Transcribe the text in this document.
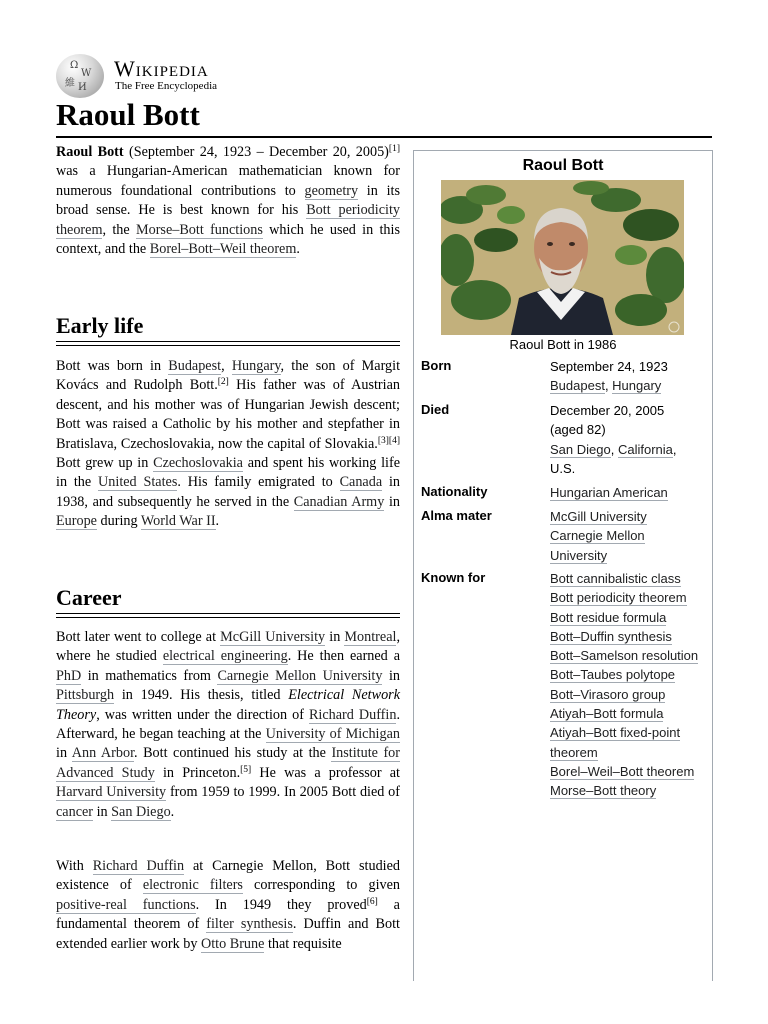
Ω
W
維 И
Wikipedia
The Free Encyclopedia
Raoul Bott

Raoul Bott (September 24, 1923 – December 20, 2005)[1] was a Hungarian-American mathematician known for numerous foundational contributions to geometry in its broad sense. He is best known for his Bott periodicity theorem, the Morse–Bott functions which he used in this context, and the Borel–Bott–Weil theorem.

Early life

Bott was born in Budapest, Hungary, the son of Margit Kovács and Rudolph Bott.[2] His father was of Austrian descent, and his mother was of Hungarian Jewish descent; Bott was raised a Catholic by his mother and stepfather in Bratislava, Czechoslovakia, now the capital of Slovakia.[3][4] Bott grew up in Czechoslovakia and spent his working life in the United States. His family emigrated to Canada in 1938, and subsequently he served in the Canadian Army in Europe during World War II.

Career

Bott later went to college at McGill University in Montreal, where he studied electrical engineering. He then earned a PhD in mathematics from Carnegie Mellon University in Pittsburgh in 1949. His thesis, titled Electrical Network Theory, was written under the direction of Richard Duffin. Afterward, he began teaching at the University of Michigan in Ann Arbor. Bott continued his study at the Institute for Advanced Study in Princeton.[5] He was a professor at Harvard University from 1959 to 1999. In 2005 Bott died of cancer in San Diego.

With Richard Duffin at Carnegie Mellon, Bott studied existence of electronic filters corresponding to given positive-real functions. In 1949 they proved[6] a fundamental theorem of filter synthesis. Duffin and Bott extended earlier work by Otto Brune that requisite

Raoul Bott
Raoul Bott in 1986
Born	September 24, 1923
Budapest, Hungary
Died	December 20, 2005
(aged 82)
San Diego, California,
U.S.
Nationality	Hungarian American
Alma mater	McGill University
Carnegie Mellon
University
Known for	Bott cannibalistic class
Bott periodicity theorem
Bott residue formula
Bott–Duffin synthesis
Bott–Samelson resolution
Bott–Taubes polytope
Bott–Virasoro group
Atiyah–Bott formula
Atiyah–Bott fixed-point
theorem
Borel–Weil–Bott theorem
Morse–Bott theory
